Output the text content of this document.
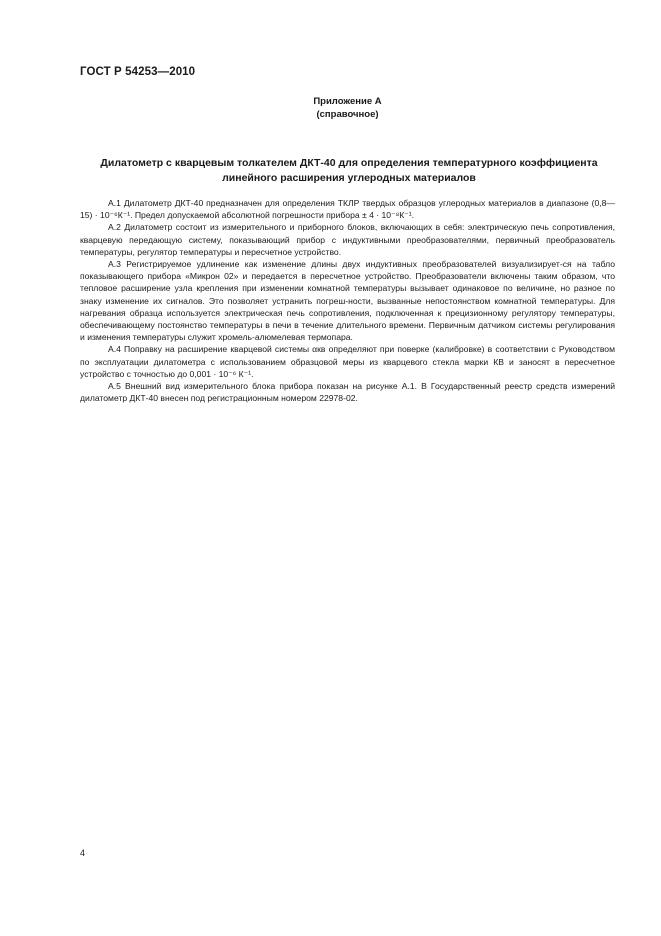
ГОСТ Р 54253—2010
Приложение А
(справочное)
Дилатометр с кварцевым толкателем ДКТ-40 для определения температурного коэффициента линейного расширения углеродных материалов

А.1 Дилатометр ДКТ-40 предназначен для определения ТКЛР твердых образцов углеродных материалов в диапазоне (0,8—15) · 10⁻⁶К⁻¹. Предел допускаемой абсолютной погрешности прибора ± 4 · 10⁻⁸К⁻¹.

А.2 Дилатометр состоит из измерительного и приборного блоков, включающих в себя: электрическую печь сопротивления, кварцевую передающую систему, показывающий прибор с индуктивными преобразователями, первичный преобразователь температуры, регулятор температуры и пересчетное устройство.

А.3 Регистрируемое удлинение как изменение длины двух индуктивных преобразователей визуализирует-ся на табло показывающего прибора «Микрон 02» и передается в пересчетное устройство. Преобразователи включены таким образом, что тепловое расширение узла крепления при изменении комнатной температуры вызывает одинаковое по величине, но разное по знаку изменение их сигналов. Это позволяет устранить погреш-ности, вызванные непостоянством комнатной температуры. Для нагревания образца используется электрическая печь сопротивления, подключенная к прецизионному регулятору температуры, обеспечивающему постоянство температуры в печи в течение длительного времени. Первичным датчиком системы регулирования и изменения температуры служит хромель-алюмелевая термопара.

А.4 Поправку на расширение кварцевой системы αкв определяют при поверке (калибровке) в соответствии с Руководством по эксплуатации дилатометра с использованием образцовой меры из кварцевого стекла марки КВ и заносят в пересчетное устройство с точностью до 0,001 · 10⁻⁶ К⁻¹.

А.5 Внешний вид измерительного блока прибора показан на рисунке А.1. В Государственный реестр средств измерений дилатометр ДКТ-40 внесен под регистрационным номером 22978-02.

4
